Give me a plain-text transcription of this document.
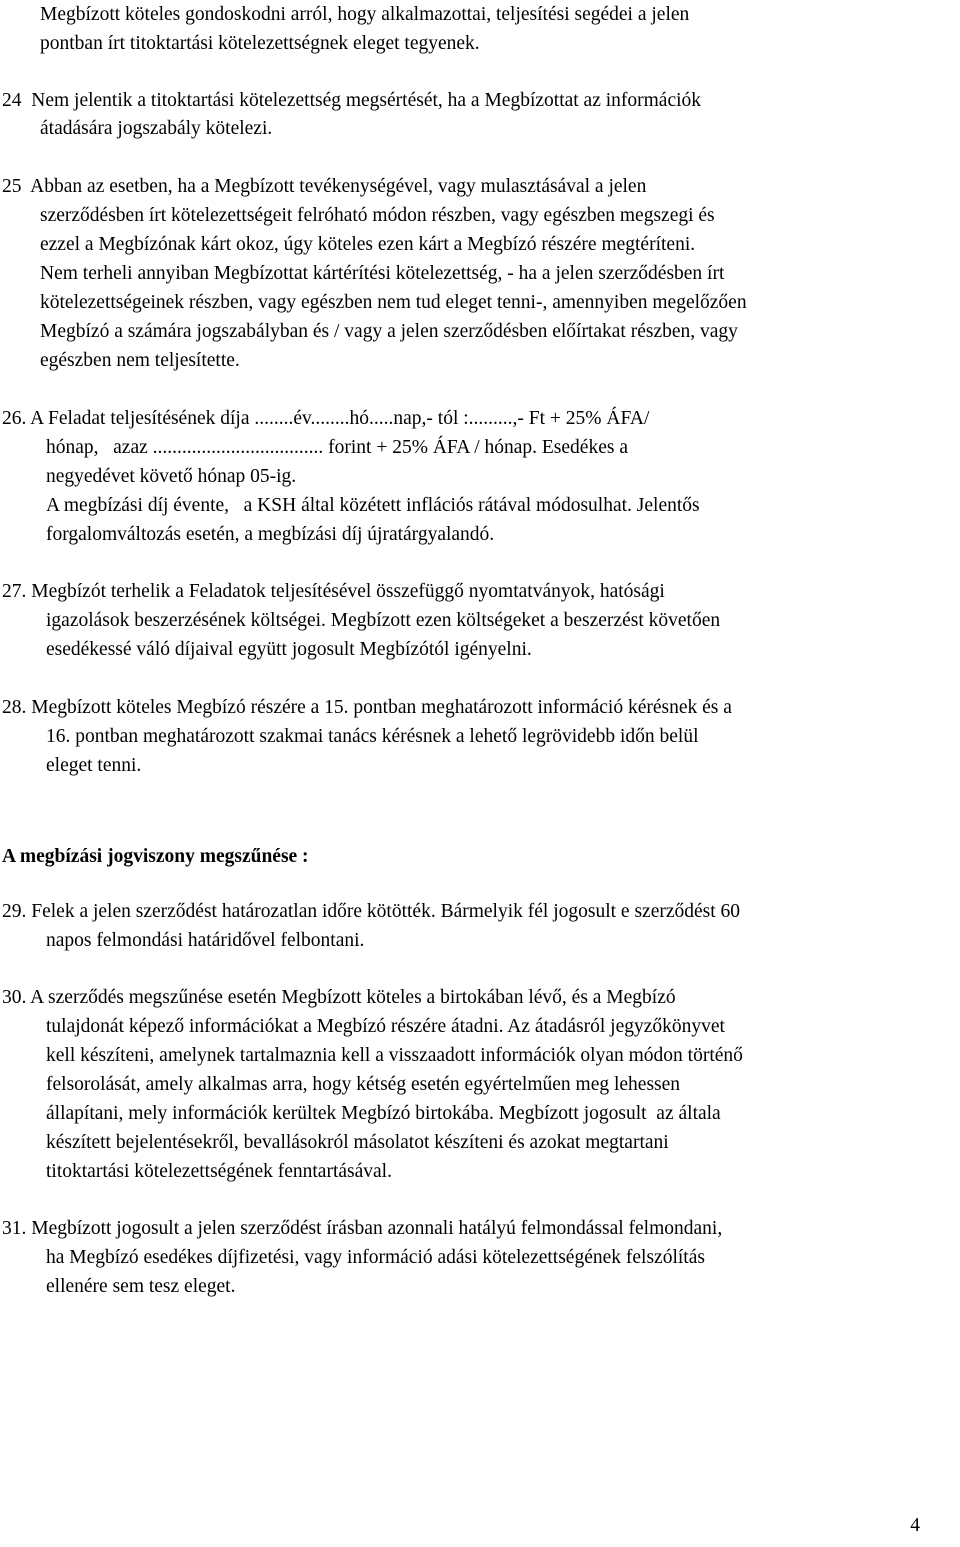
Megbízott köteles gondoskodni arról, hogy alkalmazottai, teljesítési segédei a jelen
pontban írt titoktartási kötelezettségnek eleget tegyenek.
24  Nem jelentik a titoktartási kötelezettség megsértését, ha a Megbízottat az információk
átadására jogszabály kötelezi.
25  Abban az esetben, ha a Megbízott tevékenységével, vagy mulasztásával a jelen
szerződésben írt kötelezettségeit felróható módon részben, vagy egészben megszegi és
ezzel a Megbízónak kárt okoz, úgy köteles ezen kárt a Megbízó részére megtéríteni.
Nem terheli annyiban Megbízottat kártérítési kötelezettség, - ha a jelen szerződésben írt
kötelezettségeinek részben, vagy egészben nem tud eleget tenni-, amennyiben megelőzően
Megbízó a számára jogszabályban és / vagy a jelen szerződésben előírtakat részben, vagy
egészben nem teljesítette.
26. A Feladat teljesítésének díja ........év........hó.....nap,- tól :.........,- Ft + 25% ÁFA/
hónap,   azaz ................................... forint + 25% ÁFA / hónap. Esedékes a
negyedévet követő hónap 05-ig.
A megbízási díj évente,   a KSH által közétett inflációs rátával módosulhat. Jelentős
forgalomváltozás esetén, a megbízási díj újratárgyalandó.
27. Megbízót terhelik a Feladatok teljesítésével összefüggő nyomtatványok, hatósági
igazolások beszerzésének költségei. Megbízott ezen költségeket a beszerzést követően
esedékessé váló díjaival együtt jogosult Megbízótól igényelni.
28. Megbízott köteles Megbízó részére a 15. pontban meghatározott információ kérésnek és a
16. pontban meghatározott szakmai tanács kérésnek a lehető legrövidebb időn belül
eleget tenni.
A megbízási jogviszony megszűnése :
29. Felek a jelen szerződést határozatlan időre kötötték. Bármelyik fél jogosult e szerződést 60
napos felmondási határidővel felbontani.
30. A szerződés megszűnése esetén Megbízott köteles a birtokában lévő, és a Megbízó
tulajdonát képező információkat a Megbízó részére átadni. Az átadásról jegyzőkönyvet
kell készíteni, amelynek tartalmaznia kell a visszaadott információk olyan módon történő
felsorolását, amely alkalmas arra, hogy kétség esetén egyértelműen meg lehessen
állapítani, mely információk kerültek Megbízó birtokába. Megbízott jogosult  az általa
készített bejelentésekről, bevallásokról másolatot készíteni és azokat megtartani
titoktartási kötelezettségének fenntartásával.
31. Megbízott jogosult a jelen szerződést írásban azonnali hatályú felmondással felmondani,
ha Megbízó esedékes díjfizetési, vagy információ adási kötelezettségének felszólítás
ellenére sem tesz eleget.
4
